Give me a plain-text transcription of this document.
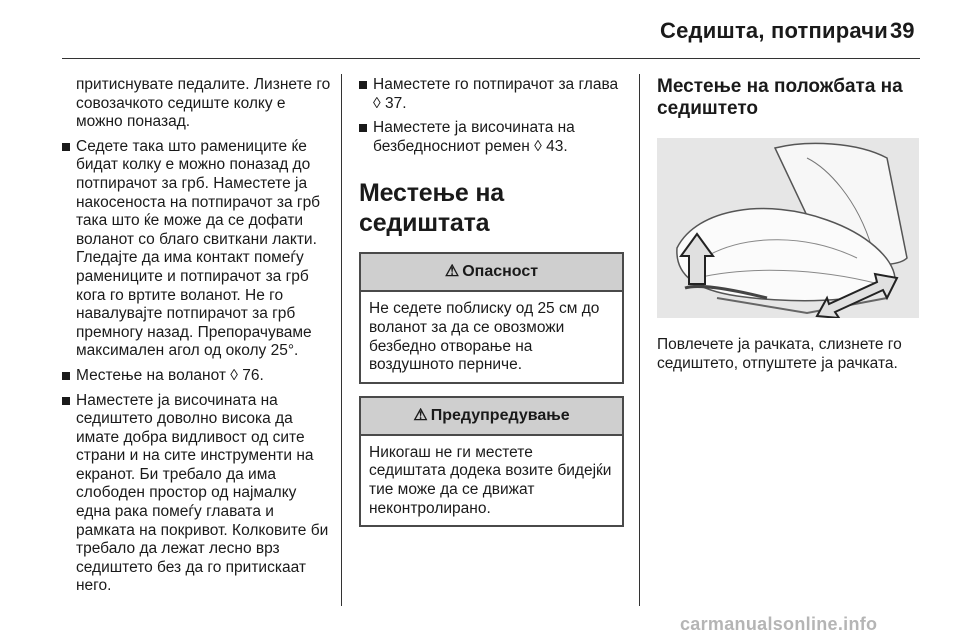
Седишта, потпирачи 39

притиснувате педалите. Лизнете го совозачкото седиште колку е можно поназад.

Седете така што рамениците ќе бидат колку е можно поназад до потпирачот за грб. Наместете ја накосеноста на потпирачот за грб така што ќе може да се дофати воланот со благо свиткани лакти. Гледајте да има контакт помеѓу рамениците и потпирачот за грб кога го вртите воланот. Не го навалувајте потпирачот за грб премногу назад. Препорачуваме максимален агол од околу 25°.
Местење на воланот ◊ 76.
Наместете ја височината на седиштето доволно висока да имате добра видливост од сите страни и на сите инструменти на екранот. Би требало да има слободен простор од најмалку една рака помеѓу главата и рамката на покривот. Колковите би требало да лежат лесно врз седиштето без да го притискаат него.
Наместете го потпирачот за глава ◊ 37.
Наместете ја височината на безбедносниот ремен ◊ 43.
Местење на седиштата
⚠ Опасност
Не седете поблиску од 25 см до воланот за да се овозможи безбедно отворање на воздушното перниче.
⚠ Предупредување
Никогаш не ги местете седиштата додека возите бидејќи тие може да се движат неконтролирано.
Местење на положбата на седиштето

Повлечете ја рачката, слизнете го седиштето, отпуштете ја рачката.

carmanualsonline.info
